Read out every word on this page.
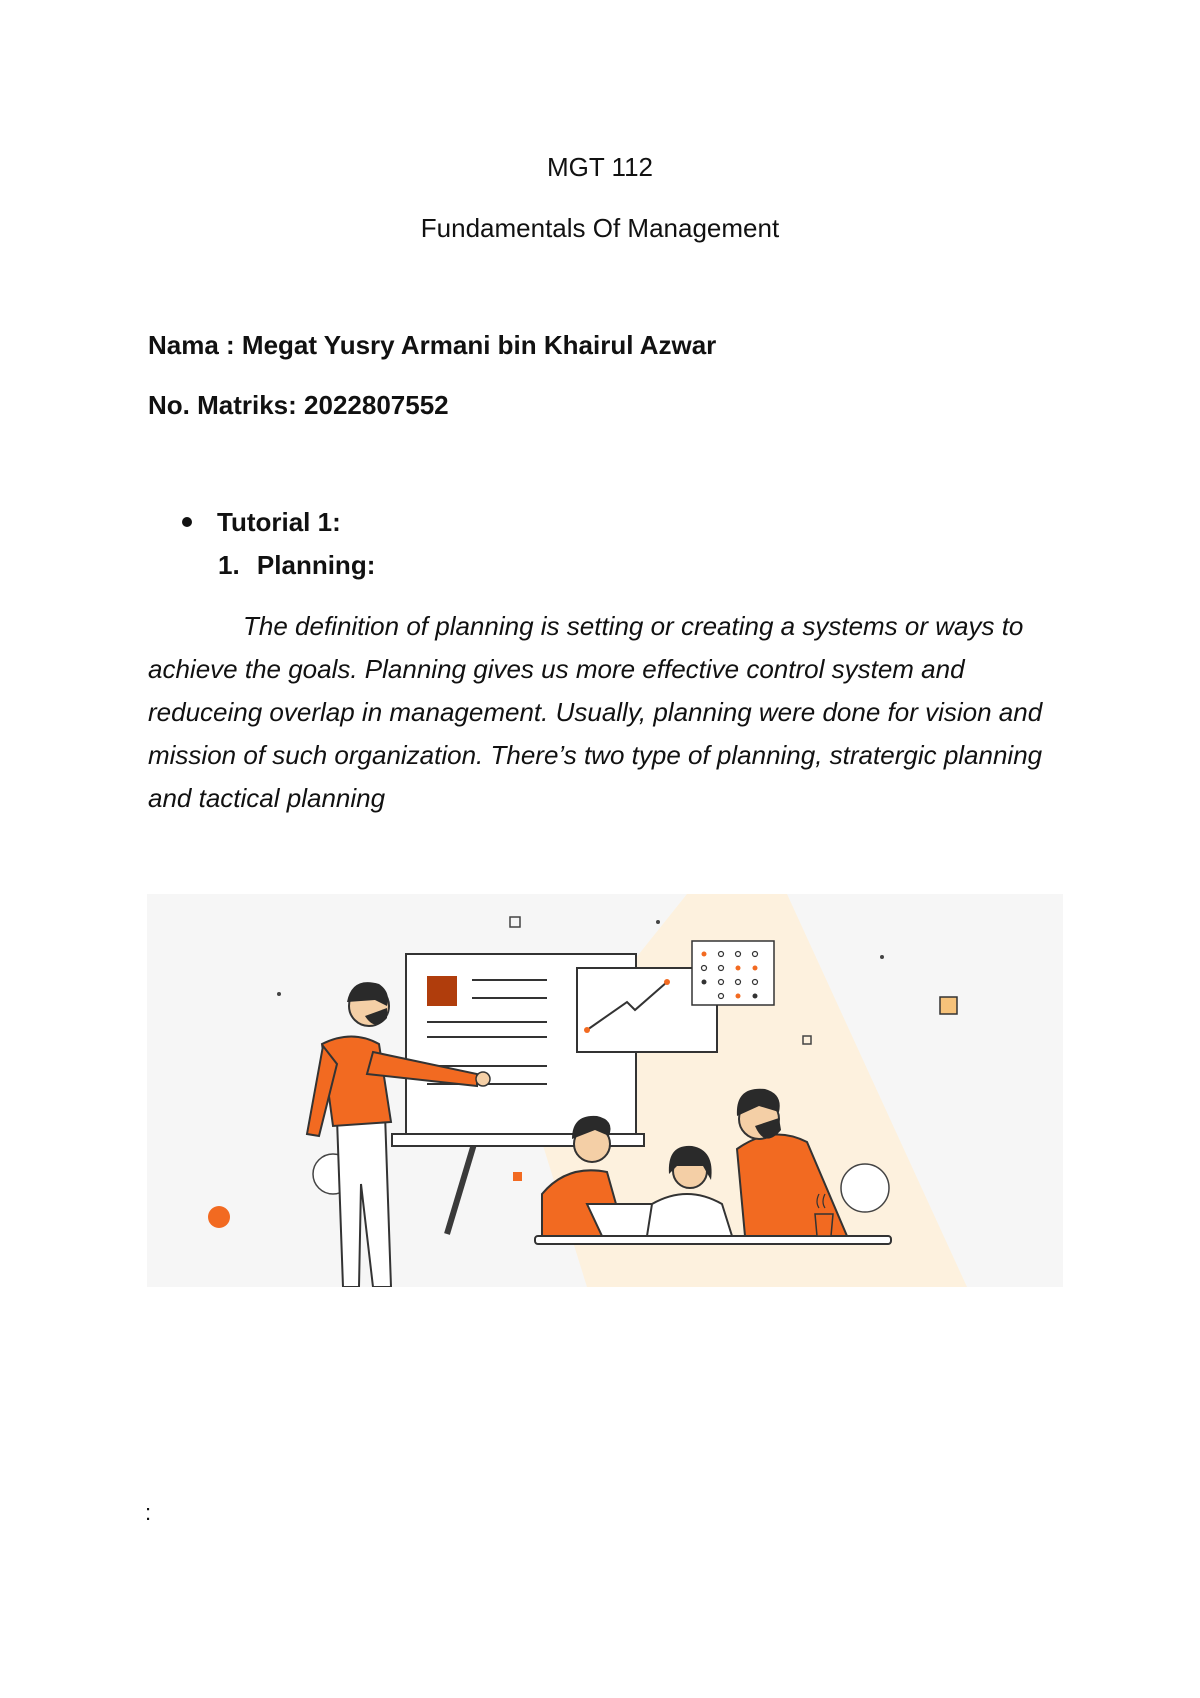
MGT 112
Fundamentals Of Management
Nama : Megat Yusry Armani bin Khairul Azwar
No. Matriks: 2022807552
Tutorial 1:
1. Planning:
The definition of planning is setting or creating a systems or ways to achieve the goals. Planning gives us more effective control system and reduceing overlap in management. Usually, planning were done for vision and mission of such organization. There’s two type of planning, stratergic planning and tactical planning
:
